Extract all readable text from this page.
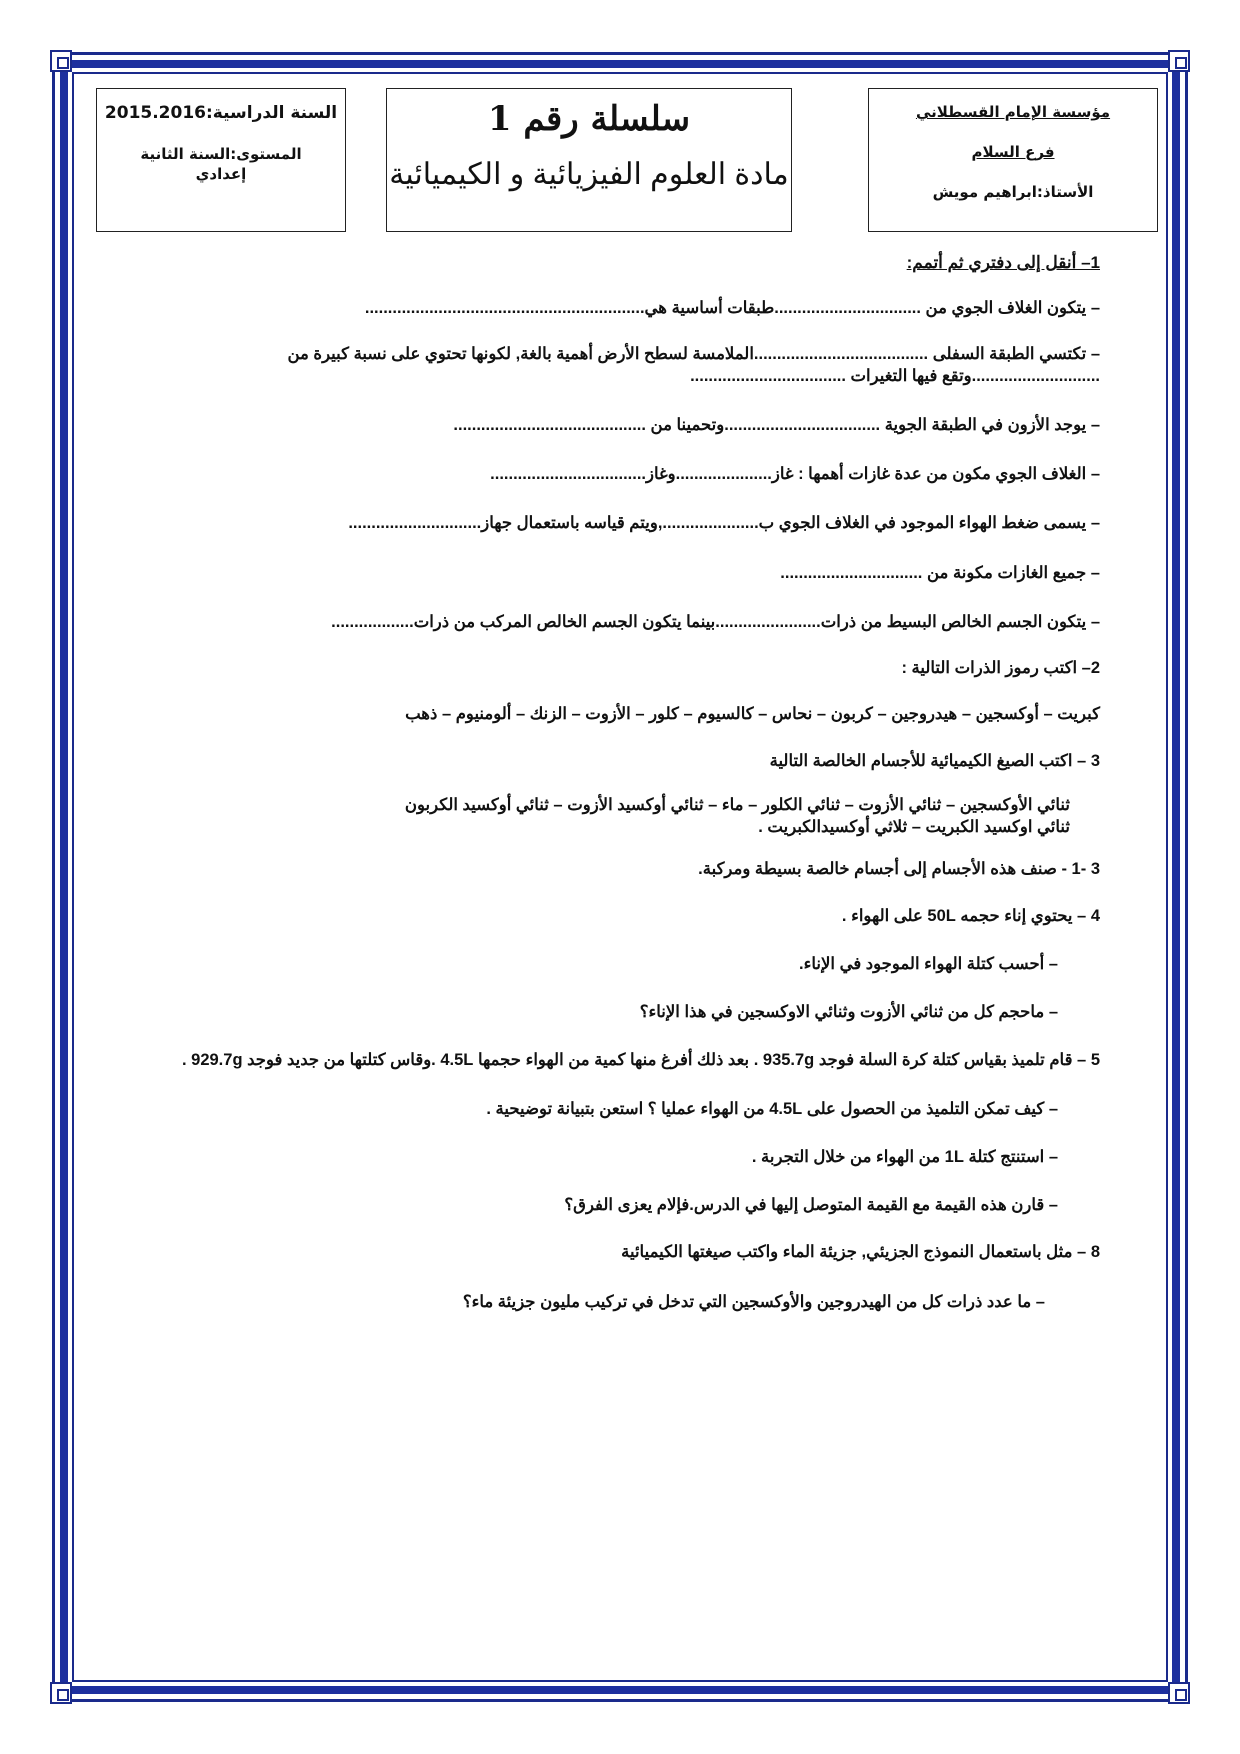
مؤسسة الإمام القسطلاني
فرع السلام
الأستاذ:ابراهيم مويش
سلسلة رقم 1
مادة العلوم الفيزيائية و الكيميائية
السنة الدراسية:2015.2016
المستوى:السنة الثانية
إعدادي

1– أنقل إلى دفتري ثم أتمم:

– يتكون الغلاف الجوي من ................................طبقات أساسية هي.............................................................

– تكتسي الطبقة السفلى ......................................الملامسة لسطح الأرض أهمية بالغة, لكونها تحتوي على نسبة كبيرة من ............................وتقع فيها التغيرات ..................................

– يوجد الأزون في الطبقة الجوية ..................................وتحمينا من ..........................................

– الغلاف الجوي مكون من عدة غازات أهمها : غاز.....................وغاز..................................

– يسمى ضغط الهواء الموجود في الغلاف الجوي ب.....................,ويتم قياسه باستعمال جهاز.............................

– جميع الغازات مكونة من ...............................

– يتكون الجسم الخالص البسيط من ذرات.......................بينما يتكون الجسم الخالص المركب من ذرات..................

2– اكتب رموز الذرات التالية :

كبريت – أوكسجين – هيدروجين – كربون – نحاس – كالسيوم – كلور – الأزوت – الزنك – ألومنيوم – ذهب

3 – اكتب الصيغ الكيميائية للأجسام الخالصة التالية

ثنائي الأوكسجين – ثنائي الأزوت – ثنائي الكلور – ماء – ثنائي أوكسيد الأزوت – ثنائي أوكسيد الكربون

ثنائي اوكسيد الكبريت – ثلاثي أوكسيدالكبريت .

3 -1 - صنف هذه الأجسام إلى أجسام خالصة بسيطة ومركبة.

4 – يحتوي إناء حجمه 50L على الهواء .

– أحسب كتلة الهواء الموجود في الإناء.

– ماحجم كل من ثنائي الأزوت وثنائي الاوكسجين في هذا الإناء؟

5 – قام تلميذ بقياس كتلة كرة السلة فوجد 935.7g . بعد ذلك أفرغ منها كمية من الهواء حجمها 4.5L .وقاس كتلتها من جديد فوجد 929.7g .

– كيف تمكن التلميذ من الحصول على 4.5L من الهواء عمليا ؟ استعن بتبيانة توضيحية .

– استنتج كتلة 1L من الهواء من خلال التجربة .

– قارن هذه القيمة مع القيمة المتوصل إليها في الدرس.فإلام يعزى الفرق؟

8 – مثل باستعمال النموذج الجزيئي, جزيئة الماء واكتب صيغتها الكيميائية

– ما عدد ذرات كل من الهيدروجين والأوكسجين التي تدخل في تركيب مليون جزيئة ماء؟
